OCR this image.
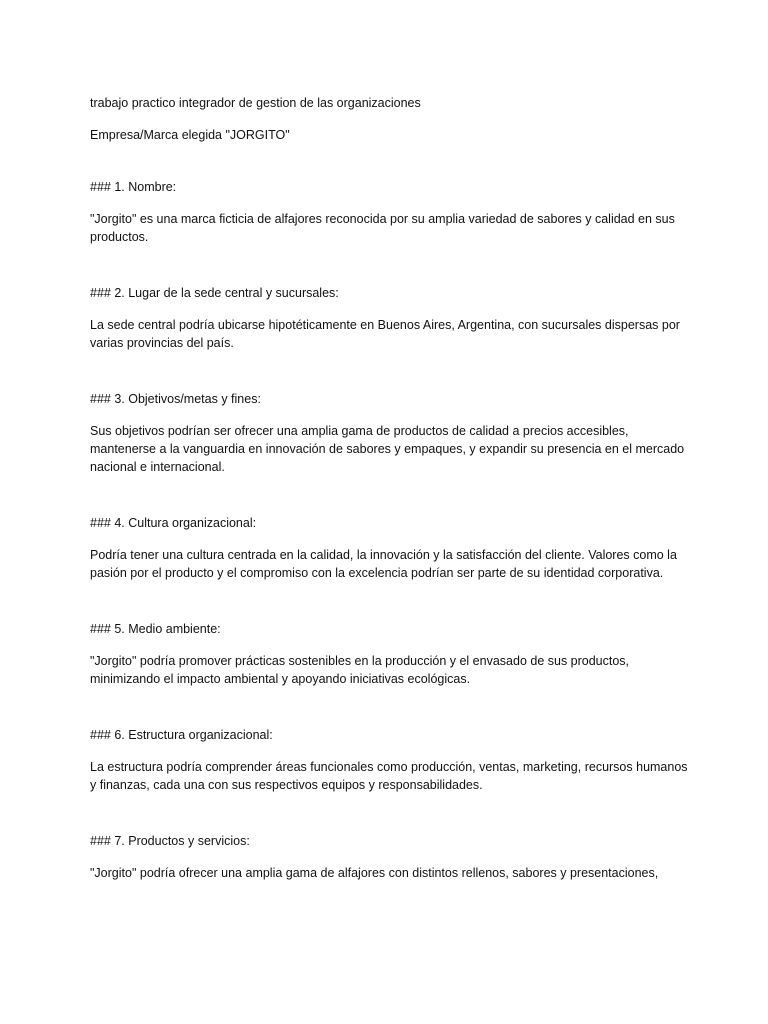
trabajo practico integrador de gestion de las organizaciones

Empresa/Marca elegida "JORGITO"

### 1. Nombre:

"Jorgito" es una marca ficticia de alfajores reconocida por su amplia variedad de sabores y calidad en sus productos.

### 2. Lugar de la sede central y sucursales:

La sede central podría ubicarse hipotéticamente en Buenos Aires, Argentina, con sucursales dispersas por varias provincias del país.

### 3. Objetivos/metas y fines:

Sus objetivos podrían ser ofrecer una amplia gama de productos de calidad a precios accesibles, mantenerse a la vanguardia en innovación de sabores y empaques, y expandir su presencia en el mercado nacional e internacional.

### 4. Cultura organizacional:

Podría tener una cultura centrada en la calidad, la innovación y la satisfacción del cliente. Valores como la pasión por el producto y el compromiso con la excelencia podrían ser parte de su identidad corporativa.

### 5. Medio ambiente:

"Jorgito" podría promover prácticas sostenibles en la producción y el envasado de sus productos, minimizando el impacto ambiental y apoyando iniciativas ecológicas.

### 6. Estructura organizacional:

La estructura podría comprender áreas funcionales como producción, ventas, marketing, recursos humanos y finanzas, cada una con sus respectivos equipos y responsabilidades.

### 7. Productos y servicios:

"Jorgito" podría ofrecer una amplia gama de alfajores con distintos rellenos, sabores y presentaciones,
